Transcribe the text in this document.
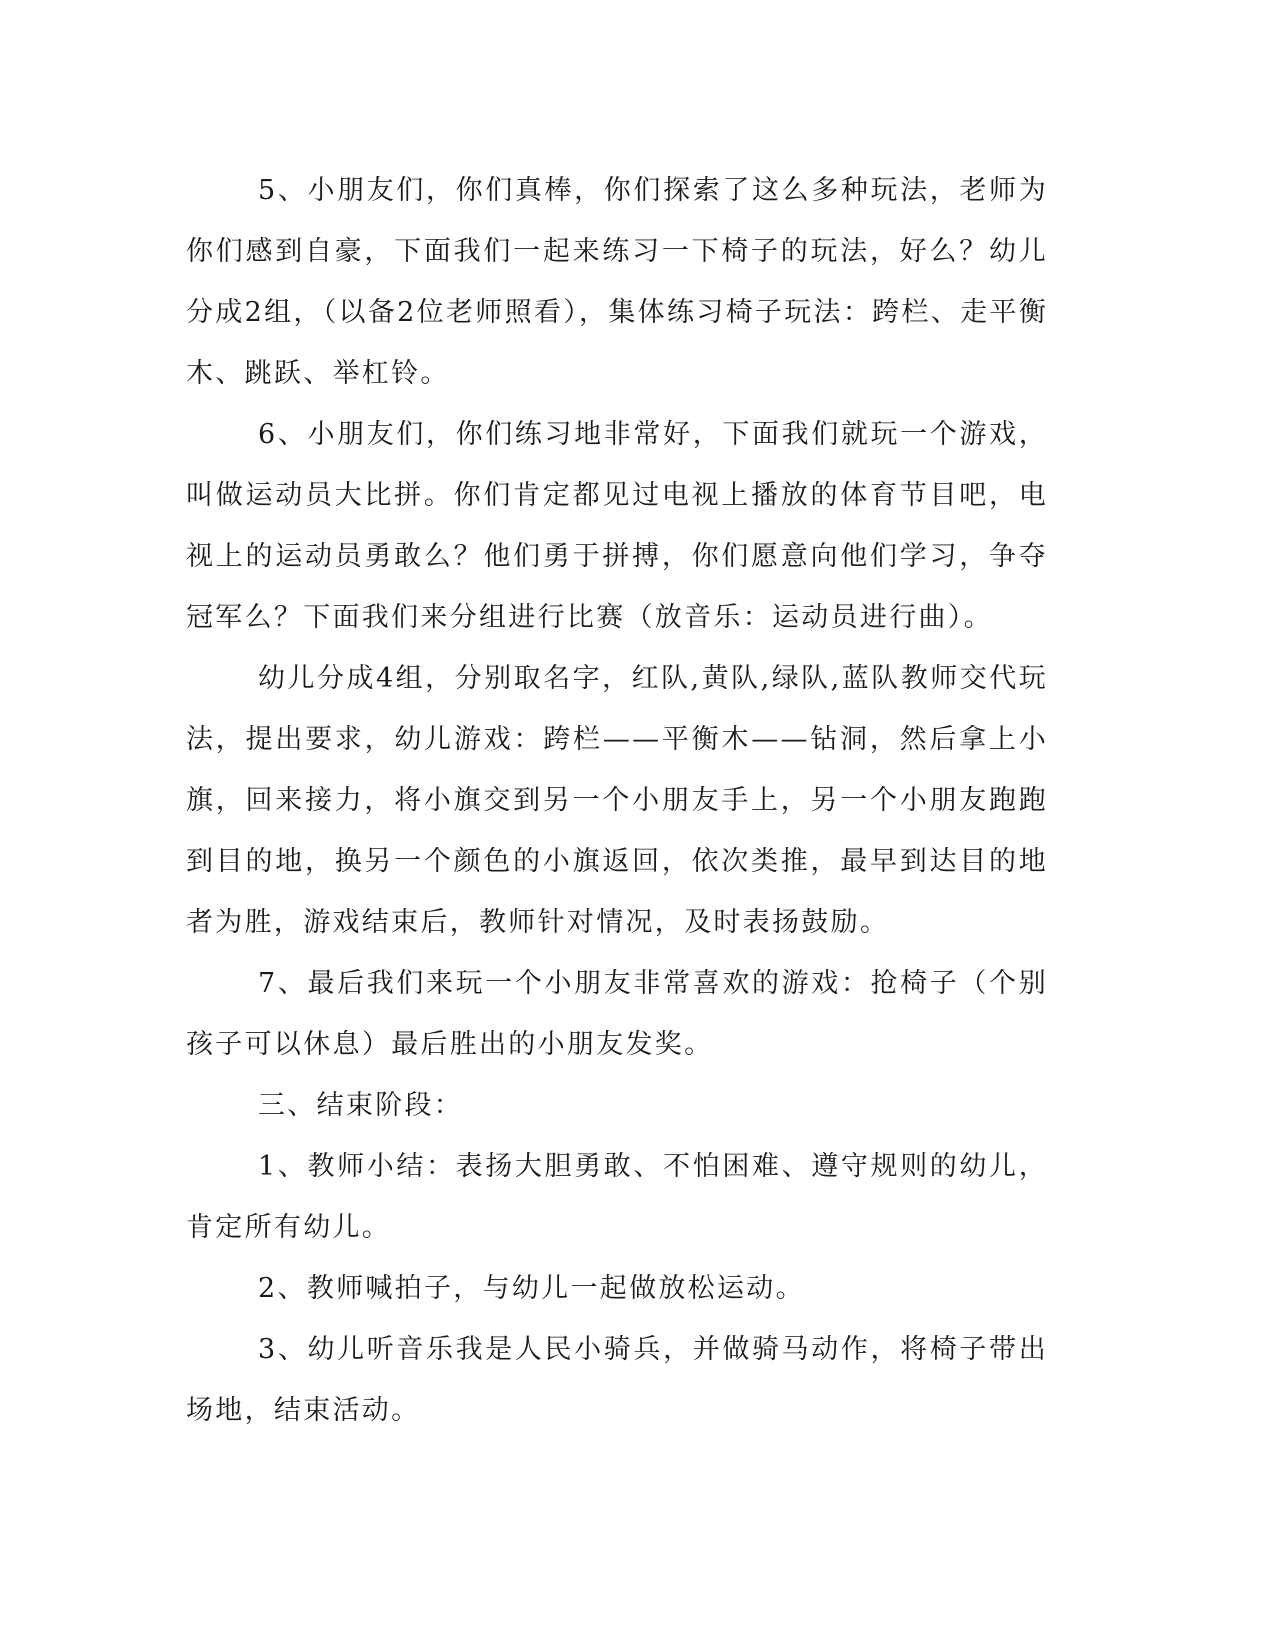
5、小朋友们，你们真棒，你们探索了这么多种玩法，老师为你们感到自豪，下面我们一起来练习一下椅子的玩法，好么？幼儿分成2组，（以备2位老师照看），集体练习椅子玩法：跨栏、走平衡木、跳跃、举杠铃。

6、小朋友们，你们练习地非常好，下面我们就玩一个游戏，叫做运动员大比拼。你们肯定都见过电视上播放的体育节目吧，电视上的运动员勇敢么？他们勇于拼搏，你们愿意向他们学习，争夺冠军么？下面我们来分组进行比赛（放音乐：运动员进行曲）。

幼儿分成4组，分别取名字，红队,黄队,绿队,蓝队教师交代玩法，提出要求，幼儿游戏：跨栏——平衡木——钻洞，然后拿上小旗，回来接力，将小旗交到另一个小朋友手上，另一个小朋友跑跑到目的地，换另一个颜色的小旗返回，依次类推，最早到达目的地者为胜，游戏结束后，教师针对情况，及时表扬鼓励。

7、最后我们来玩一个小朋友非常喜欢的游戏：抢椅子（个别孩子可以休息）最后胜出的小朋友发奖。

三、结束阶段：

1、教师小结：表扬大胆勇敢、不怕困难、遵守规则的幼儿，肯定所有幼儿。

2、教师喊拍子，与幼儿一起做放松运动。

3、幼儿听音乐我是人民小骑兵，并做骑马动作，将椅子带出场地，结束活动。
